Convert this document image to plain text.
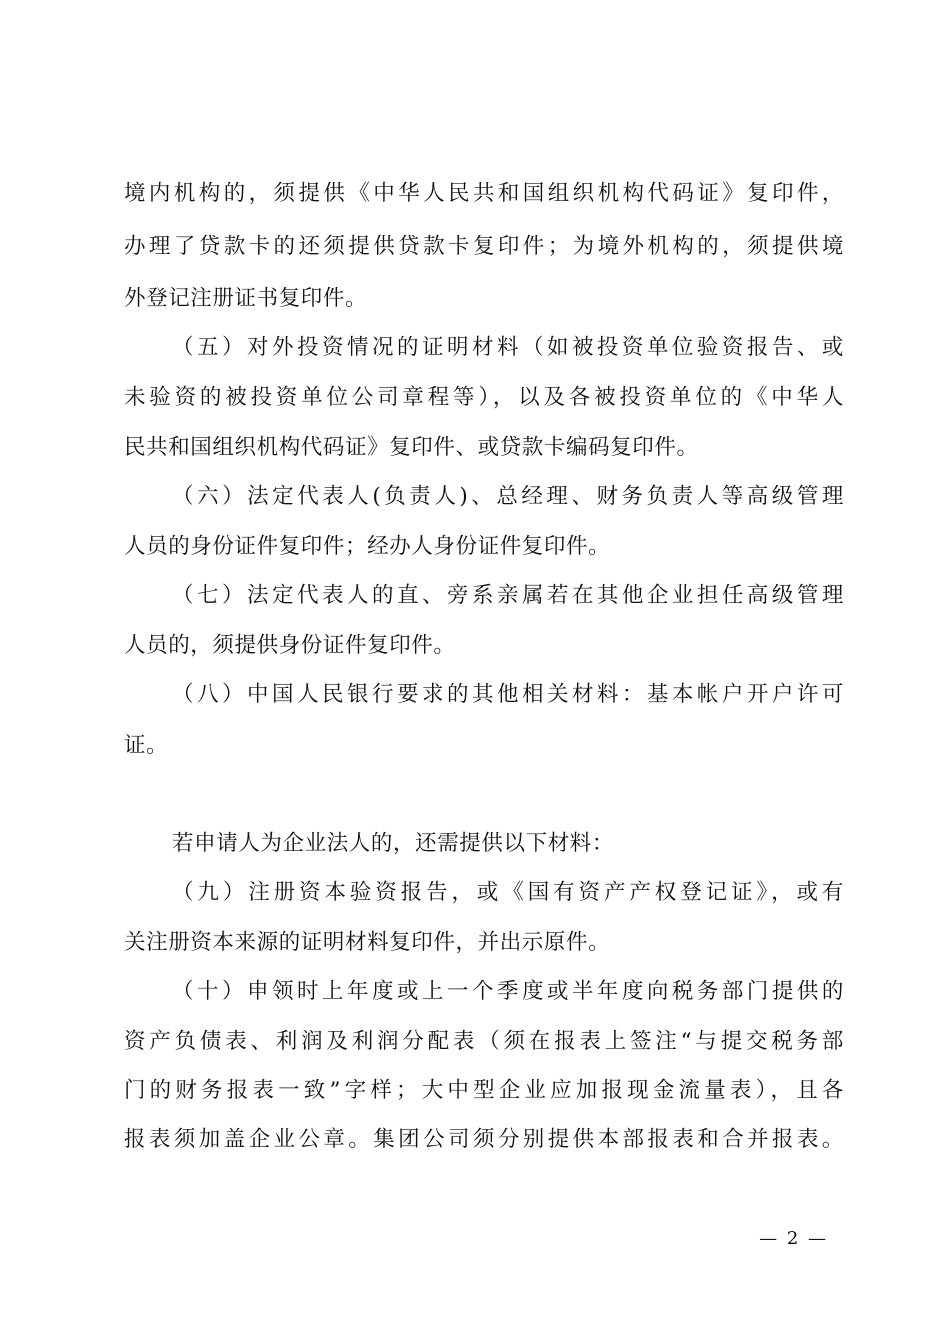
境内机构的，须提供《中华人民共和国组织机构代码证》复印件，
办理了贷款卡的还须提供贷款卡复印件；为境外机构的，须提供境
外登记注册证书复印件。
（五）对外投资情况的证明材料（如被投资单位验资报告、或
未验资的被投资单位公司章程等），以及各被投资单位的《中华人
民共和国组织机构代码证》复印件、或贷款卡编码复印件。
（六）法定代表人(负责人)、总经理、财务负责人等高级管理
人员的身份证件复印件；经办人身份证件复印件。
（七）法定代表人的直、旁系亲属若在其他企业担任高级管理
人员的，须提供身份证件复印件。
（八）中国人民银行要求的其他相关材料：基本帐户开户许可
证。
若申请人为企业法人的，还需提供以下材料：
（九）注册资本验资报告，或《国有资产产权登记证》，或有
关注册资本来源的证明材料复印件，并出示原件。
（十）申领时上年度或上一个季度或半年度向税务部门提供的
资产负债表、利润及利润分配表（须在报表上签注“与提交税务部
门的财务报表一致”字样；大中型企业应加报现金流量表），且各
报表须加盖企业公章。集团公司须分别提供本部报表和合并报表。
— 2 —
